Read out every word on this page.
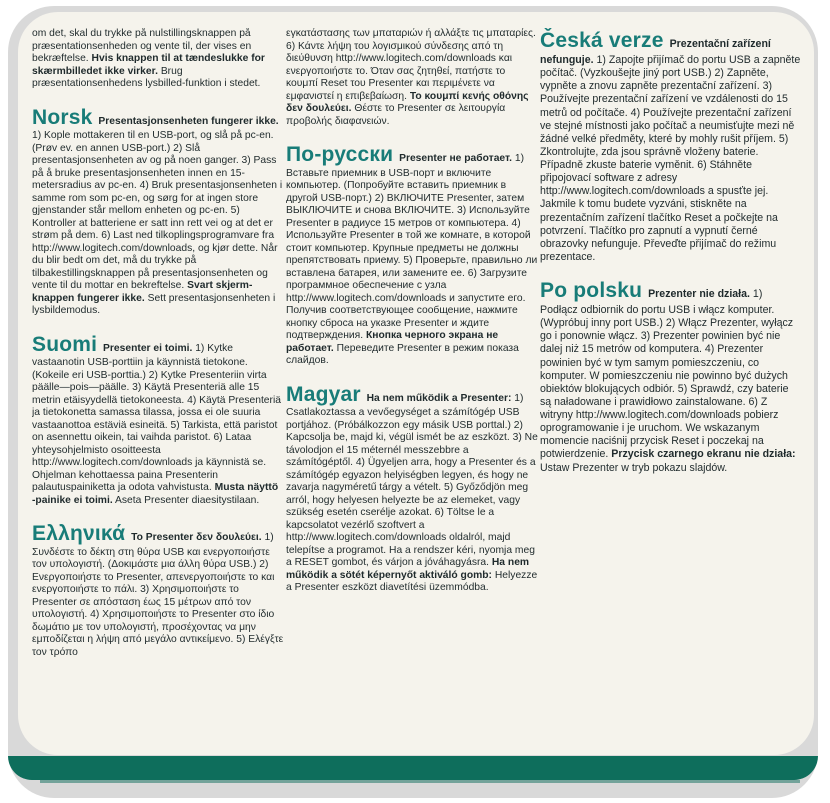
om det, skal du trykke på nulstillingsknappen på præsentationsenheden og vente til, der vises en bekræftelse. Hvis knappen til at tændeslukke for skærmbilledet ikke virker. Brug præsentationsenhedens lysbilled-funktion i stedet.
Norsk Presentasjonsenheten fungerer ikke. 1) Kople mottakeren til en USB-port, og slå på pc-en. (Prøv ev. en annen USB-port.) 2) Slå presentasjonsenheten av og på noen ganger. 3) Pass på å bruke presentasjonsenheten innen en 15-metersradius av pc-en. 4) Bruk presentasjonsenheten i samme rom som pc-en, og sørg for at ingen store gjenstander står mellom enheten og pc-en. 5) Kontroller at batteriene er satt inn rett vei og at det er strøm på dem. 6) Last ned tilkoplingsprogramvare fra http://www.logitech.com/downloads, og kjør dette. Når du blir bedt om det, må du trykke på tilbakestillingsknappen på presentasjonsenheten og vente til du mottar en bekreftelse. Svart skjerm-knappen fungerer ikke. Sett presentasjonsenheten i lysbildemodus.
Suomi Presenter ei toimi. 1) Kytke vastaanotin USB-porttiin ja käynnistä tietokone. (Kokeile eri USB-porttia.) 2) Kytke Presenteriin virta päälle—pois—päälle. 3) Käytä Presenteriä alle 15 metrin etäisyydellä tietokoneesta. 4) Käytä Presenteriä ja tietokonetta samassa tilassa, jossa ei ole suuria vastaanottoa estäviä esineitä. 5) Tarkista, että paristot on asennettu oikein, tai vaihda paristot. 6) Lataa yhteysohjelmisto osoitteesta http://www.logitech.com/downloads ja käynnistä se. Ohjelman kehottaessa paina Presenterin palautuspainiketta ja odota vahvistusta. Musta näyttö -painike ei toimi. Aseta Presenter diaesitystilaan.
Ελληνικά Το Presenter δεν δουλεύει. 1) Συνδέστε το δέκτη στη θύρα USB και ενεργοποιήστε τον υπολογιστή. (Δοκιμάστε μια άλλη θύρα USB.) 2) Ενεργοποιήστε το Presenter, απενεργοποιήστε το και ενεργοποιήστε το πάλι. 3) Χρησιμοποιήστε το Presenter σε απόσταση έως 15 μέτρων από τον υπολογιστή. 4) Χρησιμοποιήστε το Presenter στο ίδιο δωμάτιο με τον υπολογιστή, προσέχοντας να μην εμποδίζεται η λήψη από μεγάλο αντικείμενο. 5) Ελέγξτε τον τρόπο
εγκατάστασης των μπαταριών ή αλλάξτε τις μπαταρίες. 6) Κάντε λήψη του λογισμικού σύνδεσης από τη διεύθυνση http://www.logitech.com/downloads και ενεργοποιήστε το. Όταν σας ζητηθεί, πατήστε το κουμπί Reset του Presenter και περιμένετε να εμφανιστεί η επιβεβαίωση. Το κουμπί κενής οθόνης δεν δουλεύει. Θέστε το Presenter σε λειτουργία προβολής διαφανειών.
По-русски Presenter не работает. 1) Вставьте приемник в USB-порт и включите компьютер. (Попробуйте вставить приемник в другой USB-порт.) 2) ВКЛЮЧИТЕ Presenter, затем ВЫКЛЮЧИТЕ и снова ВКЛЮЧИТЕ. 3) Используйте Presenter в радиусе 15 метров от компьютера. 4) Используйте Presenter в той же комнате, в которой стоит компьютер. Крупные предметы не должны препятствовать приему. 5) Проверьте, правильно ли вставлена батарея, или замените ее. 6) Загрузите программное обеспечение с узла http://www.logitech.com/downloads и запустите его. Получив соответствующее сообщение, нажмите кнопку сброса на указке Presenter и ждите подтверждения. Кнопка черного экрана не работает. Переведите Presenter в режим показа слайдов.
Magyar Ha nem működik a Presenter: 1) Csatlakoztassa a vevőegységet a számítógép USB portjához. (Próbálkozzon egy másik USB porttal.) 2) Kapcsolja be, majd ki, végül ismét be az eszközt. 3) Ne távolodjon el 15 méternél messzebbre a számítógéptől. 4) Ügyeljen arra, hogy a Presenter és a számítógép egyazon helyiségben legyen, és hogy ne zavarja nagyméretű tárgy a vételt. 5) Győződjön meg arról, hogy helyesen helyezte be az elemeket, vagy szükség esetén cserélje azokat. 6) Töltse le a kapcsolatot vezérlő szoftvert a http://www.logitech.com/downloads oldalról, majd telepítse a programot. Ha a rendszer kéri, nyomja meg a RESET gombot, és várjon a jóváhagyásra. Ha nem működik a sötét képernyőt aktiváló gomb: Helyezze a Presenter eszközt diavetítési üzemmódba.
Česká verze Prezentační zařízení nefunguje. 1) Zapojte přijímač do portu USB a zapněte počítač. (Vyzkoušejte jiný port USB.) 2) Zapněte, vypněte a znovu zapněte prezentační zařízení. 3) Používejte prezentační zařízení ve vzdálenosti do 15 metrů od počítače. 4) Používejte prezentační zařízení ve stejné místnosti jako počítač a neumisťujte mezi ně žádné velké předměty, které by mohly rušit příjem. 5) Zkontrolujte, zda jsou správně vloženy baterie. Případně zkuste baterie vyměnit. 6) Stáhněte připojovací software z adresy http://www.logitech.com/downloads a spusťte jej. Jakmile k tomu budete vyzváni, stiskněte na prezentačním zařízení tlačítko Reset a počkejte na potvrzení. Tlačítko pro zapnutí a vypnutí černé obrazovky nefunguje. Převeďte přijímač do režimu prezentace.
Po polsku Prezenter nie działa. 1) Podłącz odbiornik do portu USB i włącz komputer. (Wypróbuj inny port USB.) 2) Włącz Prezenter, wyłącz go i ponownie włącz. 3) Prezenter powinien być nie dalej niż 15 metrów od komputera. 4) Prezenter powinien być w tym samym pomieszczeniu, co komputer. W pomieszczeniu nie powinno być dużych obiektów blokujących odbiór. 5) Sprawdź, czy baterie są naładowane i prawidłowo zainstalowane. 6) Z witryny http://www.logitech.com/downloads pobierz oprogramowanie i je uruchom. We wskazanym momencie naciśnij przycisk Reset i poczekaj na potwierdzenie. Przycisk czarnego ekranu nie działa: Ustaw Prezenter w tryb pokazu slajdów.
